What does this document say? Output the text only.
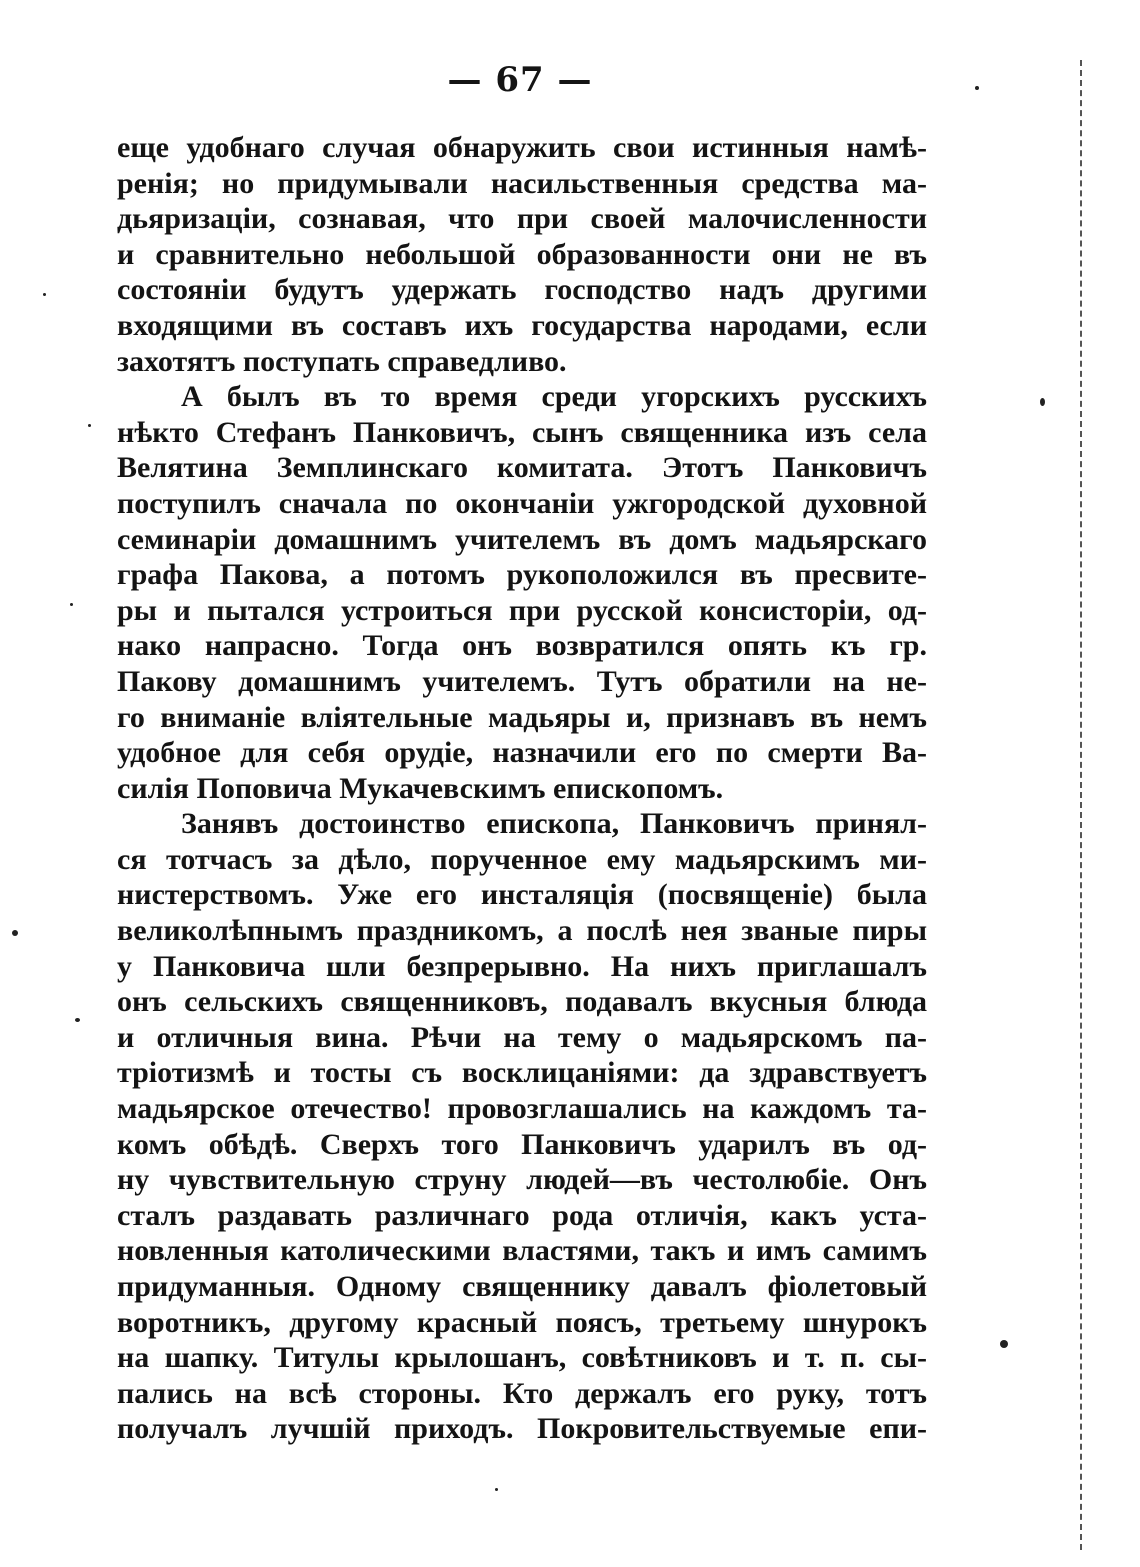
— 67 —
еще удобнаго случая обнаружить свои истинныя намѣ-
ренія; но придумывали насильственныя средства ма-
дьяризаціи, сознавая, что при своей малочисленности
и сравнительно небольшой образованности они не въ
состояніи будутъ удержать господство надъ другими
входящими въ составъ ихъ государства народами, если
захотятъ поступать справедливо.
А былъ въ то время среди угорскихъ русскихъ
нѣкто Стефанъ Панковичъ, сынъ священника изъ села
Велятина Земплинскаго комитата. Этотъ Панковичъ
поступилъ сначала по окончаніи ужгородской духовной
семинаріи домашнимъ учителемъ въ домъ мадьярскаго
графа Пакова, а потомъ рукоположился въ пресвите-
ры и пытался устроиться при русской консисторіи, од-
нако напрасно. Тогда онъ возвратился опять къ гр.
Пакову домашнимъ учителемъ. Тутъ обратили на не-
го вниманіе вліятельные мадьяры и, признавъ въ немъ
удобное для себя орудіе, назначили его по смерти Ва-
силія Поповича Мукачевскимъ епископомъ.
Занявъ достоинство епископа, Панковичъ принял-
ся тотчасъ за дѣло, порученное ему мадьярскимъ ми-
нистерствомъ. Уже его инсталяція (посвященіе) была
великолѣпнымъ праздникомъ, а послѣ нея званые пиры
у Панковича шли безпрерывно. На нихъ приглашалъ
онъ сельскихъ священниковъ, подавалъ вкусныя блюда
и отличныя вина. Рѣчи на тему о мадьярскомъ па-
тріотизмѣ и тосты съ восклицаніями: да здравствуетъ
мадьярское отечество! провозглашались на каждомъ та-
комъ обѣдѣ. Сверхъ того Панковичъ ударилъ въ од-
ну чувствительную струну людей—въ честолюбіе. Онъ
сталъ раздавать различнаго рода отличія, какъ уста-
новленныя католическими властями, такъ и имъ самимъ
придуманныя. Одному священнику давалъ фіолетовый
воротникъ, другому красный поясъ, третьему шнурокъ
на шапку. Титулы крылошанъ, совѣтниковъ и т. п. сы-
пались на всѣ стороны. Кто держалъ его руку, тотъ
получалъ лучшій приходъ. Покровительствуемые епи-
